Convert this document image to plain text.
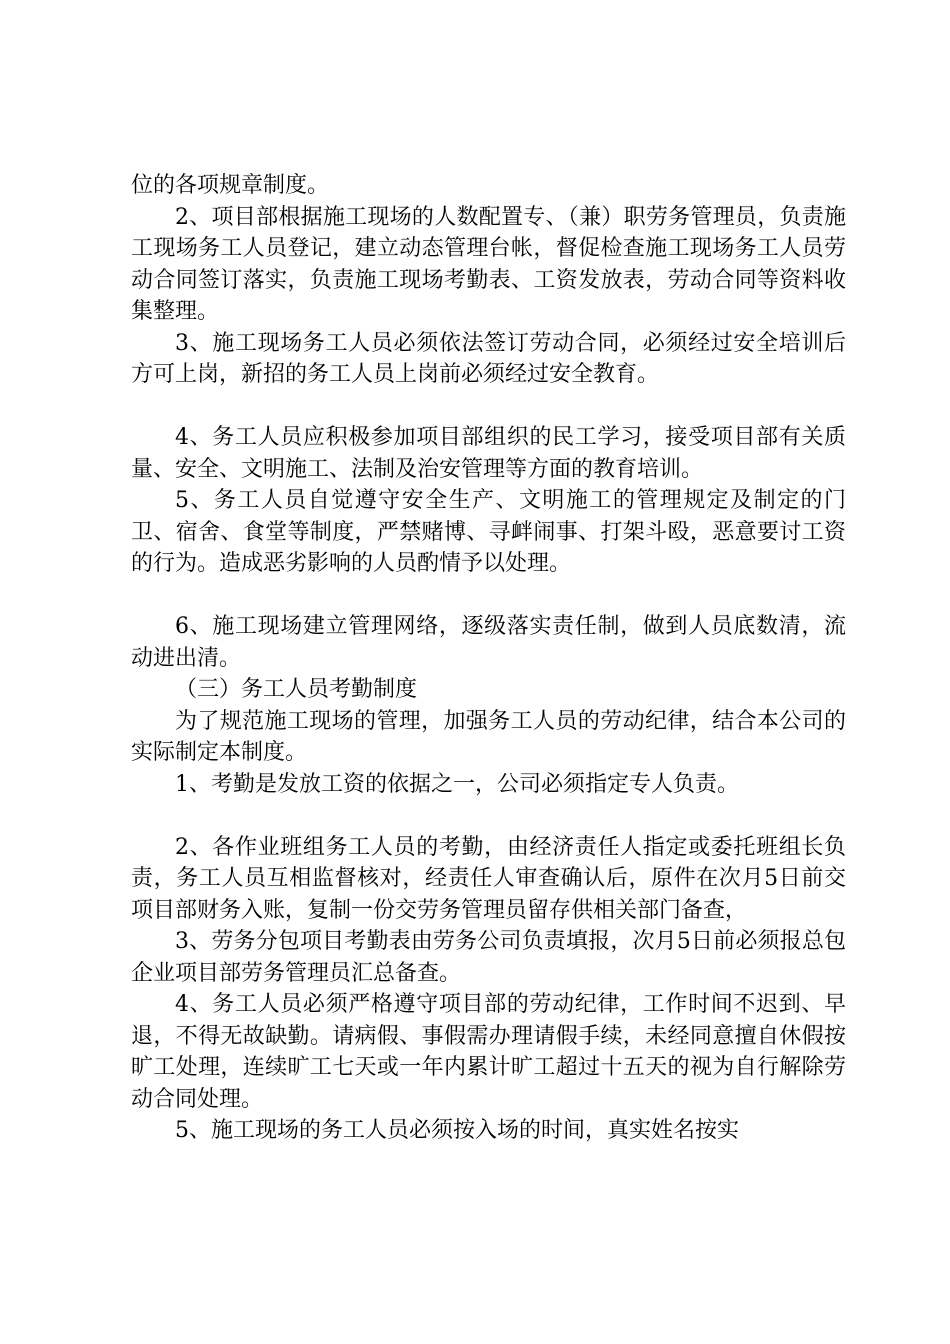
位的各项规章制度。

2、项目部根据施工现场的人数配置专、（兼）职劳务管理员，负责施工现场务工人员登记，建立动态管理台帐，督促检查施工现场务工人员劳动合同签订落实，负责施工现场考勤表、工资发放表，劳动合同等资料收集整理。

3、施工现场务工人员必须依法签订劳动合同，必须经过安全培训后方可上岗，新招的务工人员上岗前必须经过安全教育。

4、务工人员应积极参加项目部组织的民工学习，接受项目部有关质量、安全、文明施工、法制及治安管理等方面的教育培训。

5、务工人员自觉遵守安全生产、文明施工的管理规定及制定的门卫、宿舍、食堂等制度，严禁赌博、寻衅闹事、打架斗殴，恶意要讨工资的行为。造成恶劣影响的人员酌情予以处理。

6、施工现场建立管理网络，逐级落实责任制，做到人员底数清，流动进出清。

（三）务工人员考勤制度

为了规范施工现场的管理，加强务工人员的劳动纪律，结合本公司的实际制定本制度。

1、考勤是发放工资的依据之一，公司必须指定专人负责。

2、各作业班组务工人员的考勤，由经济责任人指定或委托班组长负责，务工人员互相监督核对，经责任人审查确认后，原件在次月5日前交项目部财务入账，复制一份交劳务管理员留存供相关部门备查，

3、劳务分包项目考勤表由劳务公司负责填报，次月5日前必须报总包企业项目部劳务管理员汇总备查。

4、务工人员必须严格遵守项目部的劳动纪律，工作时间不迟到、早退，不得无故缺勤。请病假、事假需办理请假手续，未经同意擅自休假按旷工处理，连续旷工七天或一年内累计旷工超过十五天的视为自行解除劳动合同处理。

5、施工现场的务工人员必须按入场的时间，真实姓名按实
